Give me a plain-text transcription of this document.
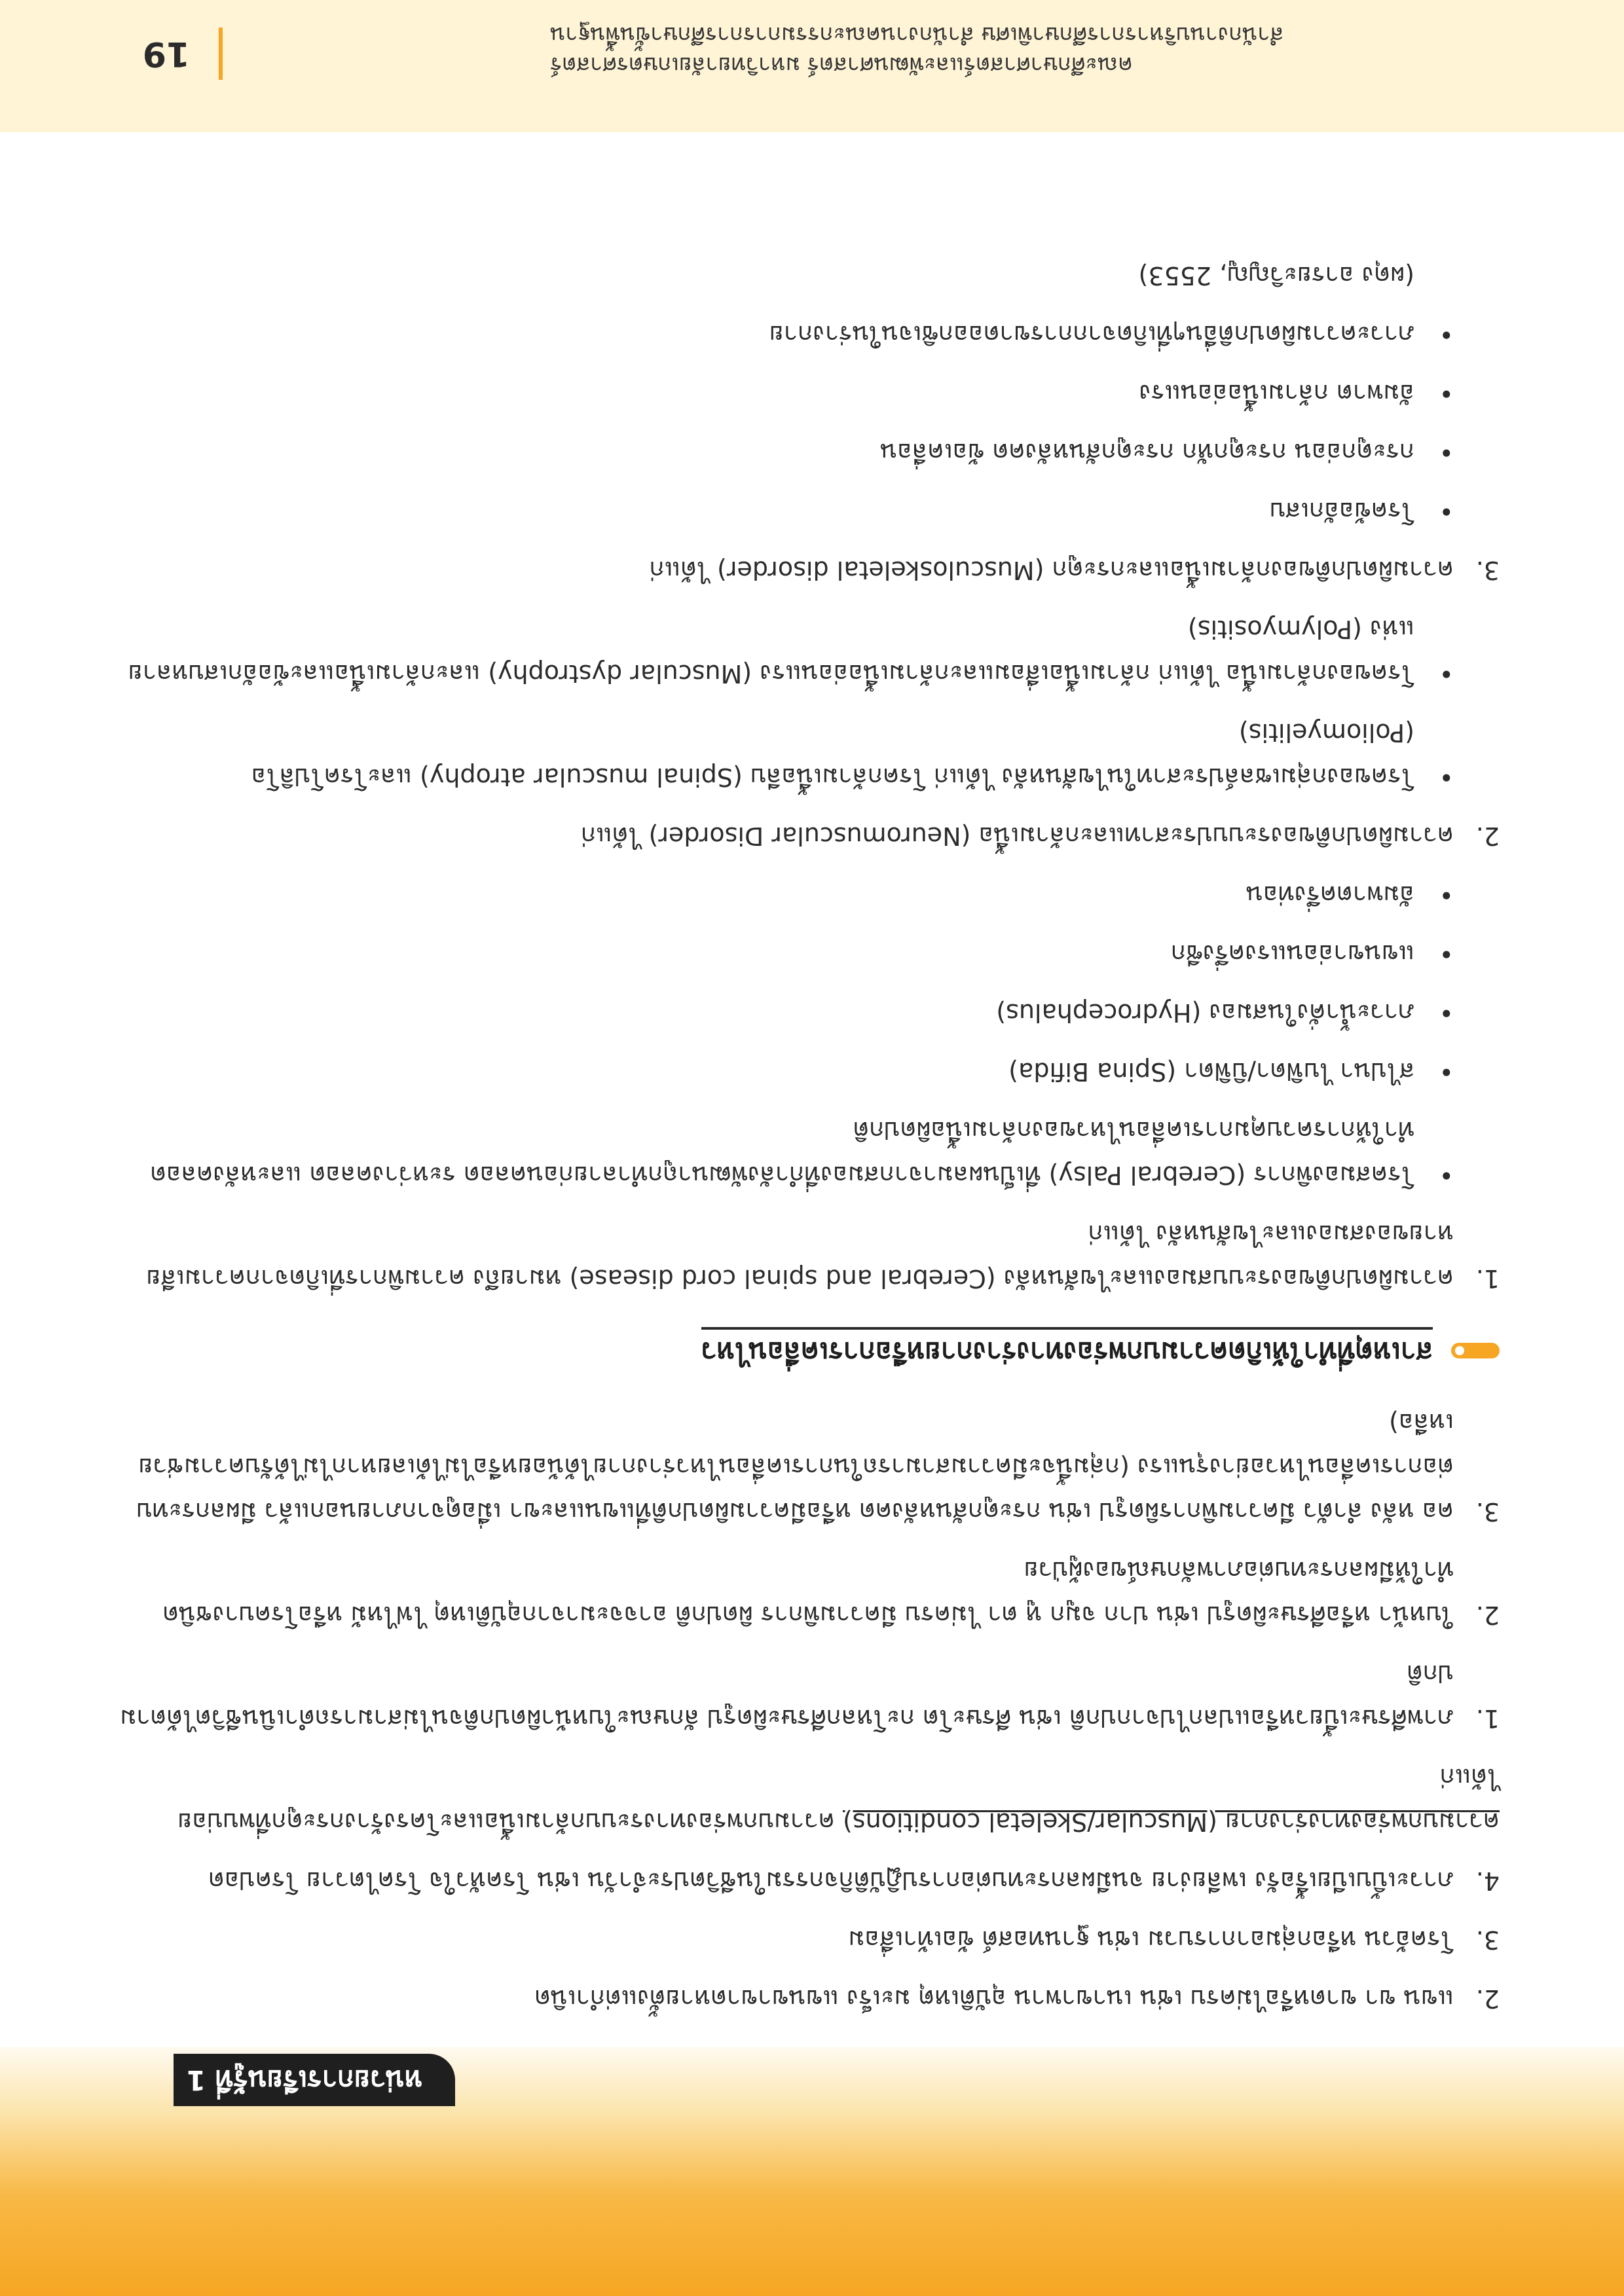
หน่วยการเรียนรู้ที่ 1
2.
แขน ขา ขาดหรือไม่ครบ เช่น เนาขาพาน อุบัติเหตุ มะเร็ง แขนขาขาดหายตั้งแต่กำเนิด
3.
โรคอ้วน หรือกลุ่มอาการบวม เช่น ฐานทอสต์ ข้อเท้าเสื่อม
4.
ภาวะเบิ้บเบียเรื้อรัง เพลียง่าย จนมีผลกระทบต่อการปฏิบัติกิจกรรมในชีวิตประจำวัน เช่น โรคหัวใจ โรคไตวาย โรคปอด

ความบกพร่องทางร่างกาย (Muscular/Skeletal conditions) ความบกพร่องทางระบบกล้ามเนื้อและโครงร้างกระดูกที่พบบ่อยได้แก่

1.
ภาพศีรษะเบี้ยวหรือแปลกไปจากปกติ เช่น ศีรษะโต กะโหลกศีรษะผิดรูป ลักษณะใบหน้าผิดปกติจนไม่สามารถดำเนินชีวิตได้ตามปกติ
2.
ใบหน้า หรือศีรษะผิดรูป เช่น ปาก จมูก หู ตา ไม่ครบ มีความพิการ ผิดปกติ อาจจะมาจากอุบัติเหตุ ไฟไหม้ หรือโรคบางชนิด ทำให้มีผลกระทบต่อภาพลักษณ์ของผู้ป่วย
3.
คอ หลัง ลำตัว มีความพิการผิดรูป เช่น กระดูกสันหลังคด หรือมีความผิดปกติที่แขนและขา เมื่อดูจากภายนอกแล้ว มีผลกระทบต่อการเคลื่อนไหวอย่างรุนแรง (กลุ่มนี้จะมีความสามารถในการเคลื่อนไหวร่างกายได้น้อยหรือไม่ได้เลยหากไม่ได้รับความช่วยเหลือ)
สาเหตุที่ทำให้เกิดความบกพร่องทางร่างกายหรือการเคลื่อนไหว
1.
ความผิดปกติของระบบสมองและไขสันหลัง (Cerebral and spinal cord disease) หมายถึง ความพิการที่เกิดจากความเสียหายของสมองและไขสันหลัง ได้แก่
•
โรคสมองพิการ (Cerebral Palsy) ที่เป็นผลมาจากสมองที่กำลังพัฒนาถูกทำลายก่อนคลอด ระหว่างคลอด และหลังคลอดทำให้การควบคุมการเคลื่อนไหวของกล้ามเนื้อผิดปกติ
•
สไปนา ไบฟิดา/บิฟิดา (Spina Bifida)
•
ภาวะน้ำคั่งในสมอง (Hydrocephalus)
•
แขนขาอ่อนแรงครึ่งซีก
•
อัมพาตครึ่งท่อน
2.
ความผิดปกติของระบบประสาทและกล้ามเนื้อ (Neuromuscular Disorder) ได้แก่
•
โรคของกลุ่มเซลล์ประสาทในไขสันหลัง ได้แก่ โรคกล้ามเนื้อลีบ (Spinal muscular atrophy) และโรคโปลิโอ (Poliomyelitis)
•
โรคของกล้ามเนื้อ ได้แก่ กล้ามเนื้อเสื่อมและกล้ามเนื้ออ่อนแรง (Muscular dystrophy) และกล้ามเนื้อและข้ออักเสบหลายแห่ง (Polymyositis)
3.
ความผิดปกติของกล้ามเนื้อและกระดูก (Musculoskeletal disorder) ได้แก่
•
โรคข้ออักเสบ
•
กระดูกอ่อน กระดูกหัก กระดูกสันหลังคด ข้อเคลื่อน
•
อัมพาต กล้ามเนื้ออ่อนแรง
•
ภาวะความผิดปกติอื่นๆที่เกิดจากการขาดออกซิเจนในร่างกาย

(ผดุง อารยะวิญญู, 2553)

คณะศึกษาศาสตร์และพัฒนศาสตร์ มหาวิทยาลัยเกษตรศาสตร์
สำนักงานบริหารการศึกษาพิเศษ สำนักงานคณะกรรมการการศึกษาขั้นพื้นฐาน
19
